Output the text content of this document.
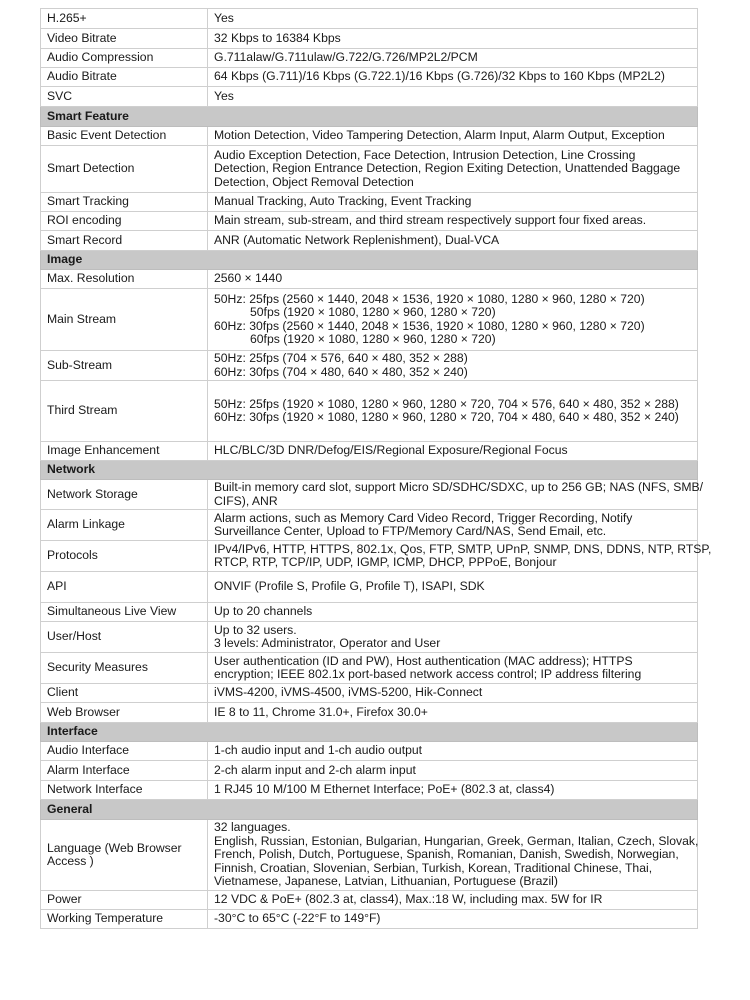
H.265+	Yes

Video Bitrate	32 Kbps to 16384 Kbps

Audio Compression	G.711alaw/G.711ulaw/G.722/G.726/MP2L2/PCM

Audio Bitrate	64 Kbps (G.711)/16 Kbps (G.722.1)/16 Kbps (G.726)/32 Kbps to 160 Kbps (MP2L2)

SVC	Yes

Smart Feature	
Basic Event Detection	Motion Detection, Video Tampering Detection, Alarm Input, Alarm Output, Exception

Smart Detection	Audio Exception Detection, Face Detection, Intrusion Detection, Line Crossing
Detection, Region Entrance Detection, Region Exiting Detection, Unattended Baggage
Detection, Object Removal Detection

Smart Tracking	Manual Tracking, Auto Tracking, Event Tracking

ROI encoding	Main stream, sub-stream, and third stream respectively support four fixed areas.

Smart Record	ANR (Automatic Network Replenishment), Dual-VCA

Image	
Max. Resolution	2560 × 1440

Main Stream	50Hz: 25fps (2560 × 1440, 2048 × 1536, 1920 × 1080, 1280 × 960, 1280 × 720)
50fps (1920 × 1080, 1280 × 960, 1280 × 720)
60Hz: 30fps (2560 × 1440, 2048 × 1536, 1920 × 1080, 1280 × 960, 1280 × 720)
60fps (1920 × 1080, 1280 × 960, 1280 × 720)

Sub-Stream	50Hz: 25fps (704 × 576, 640 × 480, 352 × 288)
60Hz: 30fps (704 × 480, 640 × 480, 352 × 240)

Third Stream	50Hz: 25fps (1920 × 1080, 1280 × 960, 1280 × 720, 704 × 576, 640 × 480, 352 × 288)
60Hz: 30fps (1920 × 1080, 1280 × 960, 1280 × 720, 704 × 480, 640 × 480, 352 × 240)

Image Enhancement	HLC/BLC/3D DNR/Defog/EIS/Regional Exposure/Regional Focus

Network	
Network Storage	Built-in memory card slot, support Micro SD/SDHC/SDXC, up to 256 GB; NAS (NFS, SMB/
CIFS), ANR

Alarm Linkage	Alarm actions, such as Memory Card Video Record, Trigger Recording, Notify
Surveillance Center, Upload to FTP/Memory Card/NAS, Send Email, etc.

Protocols	IPv4/IPv6, HTTP, HTTPS, 802.1x, Qos, FTP, SMTP, UPnP, SNMP, DNS, DDNS, NTP, RTSP,
RTCP, RTP, TCP/IP, UDP, IGMP, ICMP, DHCP, PPPoE, Bonjour

API	ONVIF (Profile S, Profile G, Profile T), ISAPI, SDK

Simultaneous Live View	Up to 20 channels

User/Host	Up to 32 users.
3 levels: Administrator, Operator and User

Security Measures	User authentication (ID and PW), Host authentication (MAC address); HTTPS
encryption; IEEE 802.1x port-based network access control; IP address filtering

Client	iVMS-4200, iVMS-4500, iVMS-5200, Hik-Connect

Web Browser	IE 8 to 11, Chrome 31.0+, Firefox 30.0+

Interface	
Audio Interface	1-ch audio input and 1-ch audio output

Alarm Interface	2-ch alarm input and 2-ch alarm input

Network Interface	1 RJ45 10 M/100 M Ethernet Interface; PoE+ (802.3 at, class4)

General	
Language (Web Browser Access )	32 languages.
English, Russian, Estonian, Bulgarian, Hungarian, Greek, German, Italian, Czech, Slovak,
French, Polish, Dutch, Portuguese, Spanish, Romanian, Danish, Swedish, Norwegian,
Finnish, Croatian, Slovenian, Serbian, Turkish, Korean, Traditional Chinese, Thai,
Vietnamese, Japanese, Latvian, Lithuanian, Portuguese (Brazil)

Power	12 VDC & PoE+ (802.3 at, class4), Max.:18 W, including max. 5W for IR

Working Temperature	-30°C to 65°C (-22°F to 149°F)
